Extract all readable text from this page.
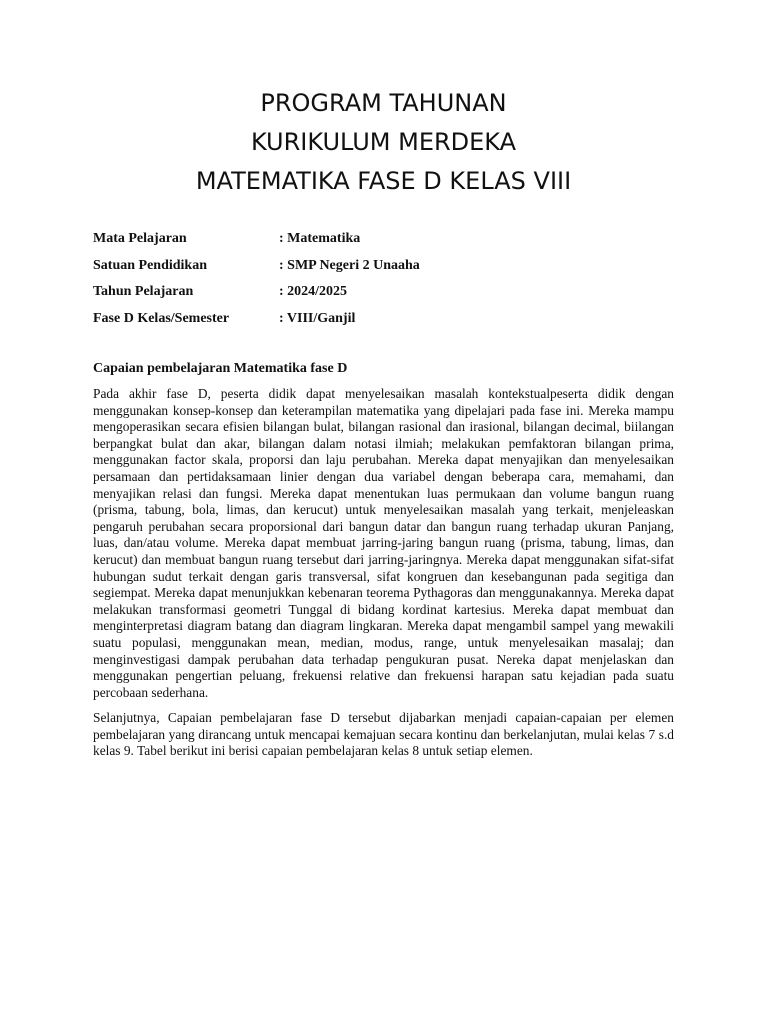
PROGRAM TAHUNAN
KURIKULUM MERDEKA
MATEMATIKA FASE D KELAS VIII
Mata Pelajaran	: Matematika
Satuan Pendidikan	: SMP Negeri 2 Unaaha
Tahun Pelajaran	: 2024/2025
Fase D Kelas/Semester	: VIII/Ganjil
Capaian pembelajaran Matematika fase D

Pada akhir fase D, peserta didik dapat menyelesaikan masalah kontekstualpeserta didik dengan menggunakan konsep-konsep dan keterampilan matematika yang dipelajari pada fase ini. Mereka mampu mengoperasikan secara efisien bilangan bulat, bilangan rasional dan irasional, bilangan decimal, biilangan berpangkat bulat dan akar, bilangan dalam notasi ilmiah; melakukan pemfaktoran bilangan prima, menggunakan factor skala, proporsi dan laju perubahan. Mereka dapat menyajikan dan menyelesaikan persamaan dan pertidaksamaan linier dengan dua variabel dengan beberapa cara, memahami, dan menyajikan relasi dan fungsi. Mereka dapat menentukan luas permukaan dan volume bangun ruang (prisma, tabung, bola, limas, dan kerucut) untuk menyelesaikan masalah yang terkait, menjeleaskan pengaruh perubahan secara proporsional dari bangun datar dan bangun ruang terhadap ukuran Panjang, luas, dan/atau volume. Mereka dapat membuat jarring-jaring bangun ruang (prisma, tabung, limas, dan kerucut) dan membuat bangun ruang tersebut dari jarring-jaringnya. Mereka dapat menggunakan sifat-sifat hubungan sudut terkait dengan garis transversal, sifat kongruen dan kesebangunan pada segitiga dan segiempat. Mereka dapat menunjukkan kebenaran teorema Pythagoras dan menggunakannya. Mereka dapat melakukan transformasi geometri Tunggal di bidang kordinat kartesius. Mereka dapat membuat dan menginterpretasi diagram batang dan diagram lingkaran. Mereka dapat mengambil sampel yang mewakili suatu populasi, menggunakan mean, median, modus, range, untuk menyelesaikan masalaj; dan menginvestigasi dampak perubahan data terhadap pengukuran pusat. Nereka dapat menjelaskan dan menggunakan pengertian peluang, frekuensi relative dan frekuensi harapan satu kejadian pada suatu percobaan sederhana.

Selanjutnya, Capaian pembelajaran fase D tersebut dijabarkan menjadi capaian-capaian per elemen pembelajaran yang dirancang untuk mencapai kemajuan secara kontinu dan berkelanjutan, mulai kelas 7 s.d kelas 9. Tabel berikut ini berisi capaian pembelajaran kelas 8 untuk setiap elemen.
